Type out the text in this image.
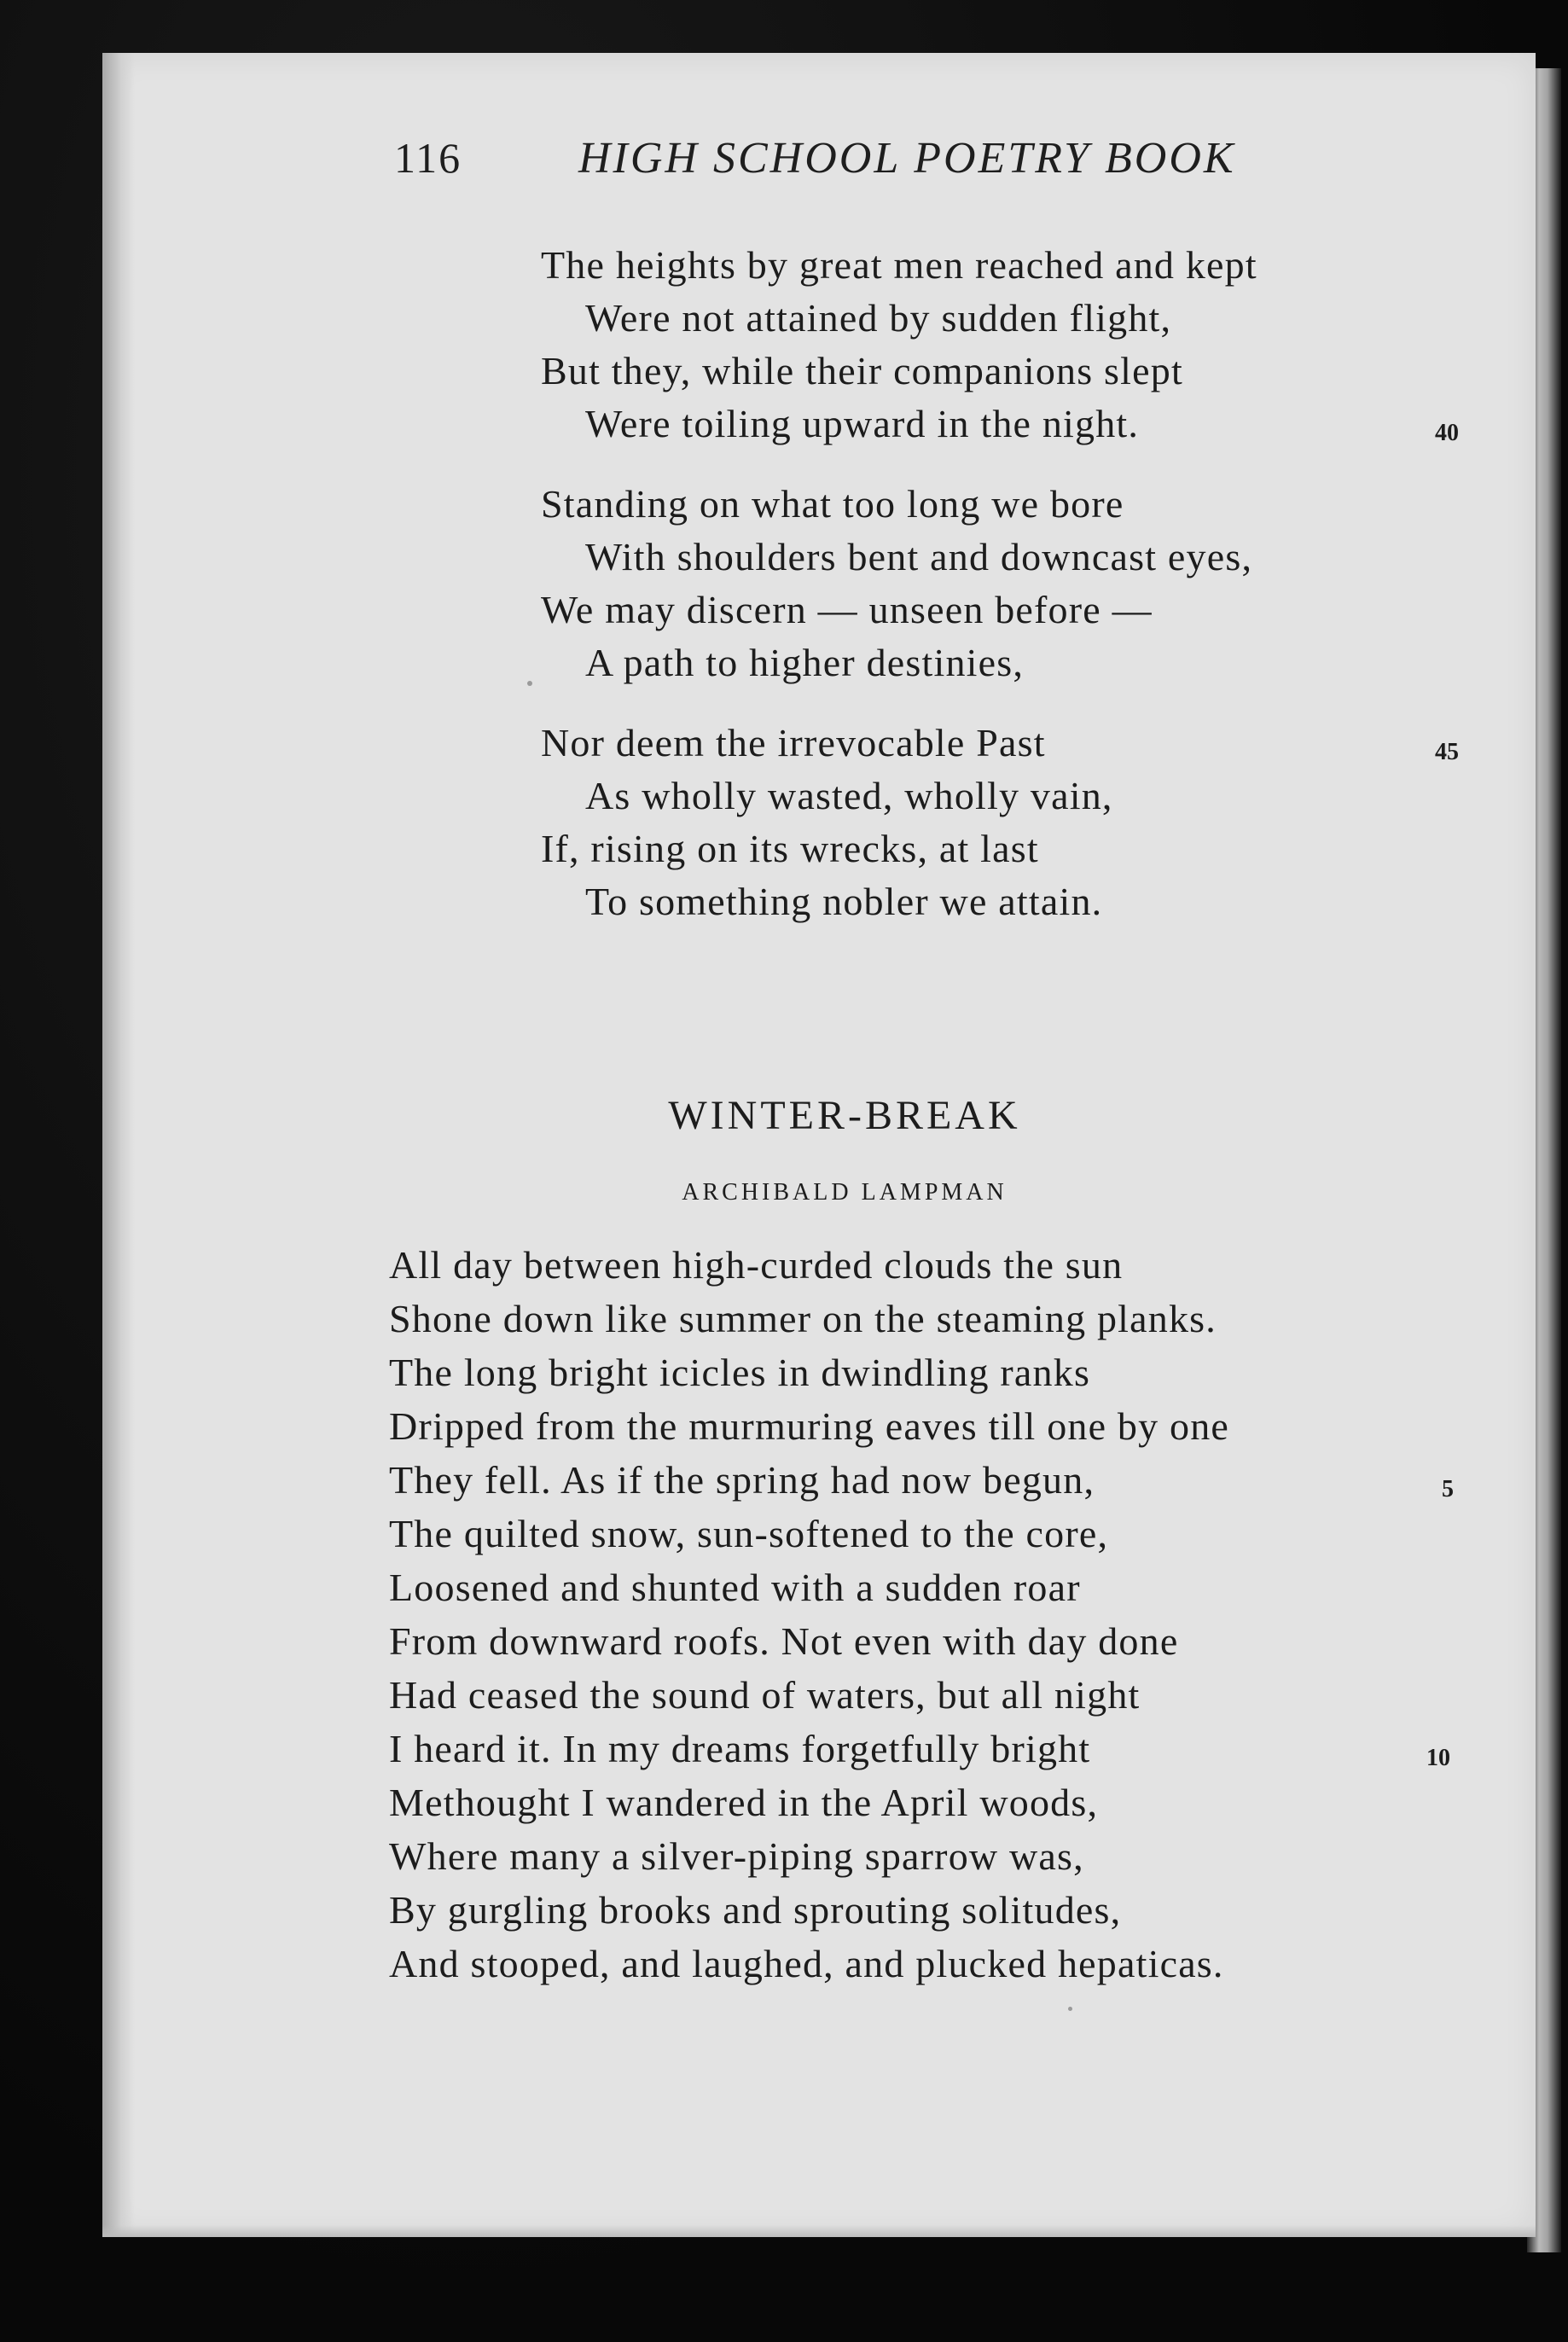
116	HIGH SCHOOL POETRY BOOK
The heights by great men reached and kept
Were not attained by sudden flight,
But they, while their companions slept
Were toiling upward in the night.	40
Standing on what too long we bore
With shoulders bent and downcast eyes,
We may discern — unseen before —
A path to higher destinies,
Nor deem the irrevocable Past	45
As wholly wasted, wholly vain,
If, rising on its wrecks, at last
To something nobler we attain.
WINTER-BREAK
ARCHIBALD LAMPMAN
All day between high-curded clouds the sun
Shone down like summer on the steaming planks.
The long bright icicles in dwindling ranks
Dripped from the murmuring eaves till one by one
They fell. As if the spring had now begun,	5
The quilted snow, sun-softened to the core,
Loosened and shunted with a sudden roar
From downward roofs. Not even with day done
Had ceased the sound of waters, but all night
I heard it. In my dreams forgetfully bright	10
Methought I wandered in the April woods,
Where many a silver-piping sparrow was,
By gurgling brooks and sprouting solitudes,
And stooped, and laughed, and plucked hepaticas.
